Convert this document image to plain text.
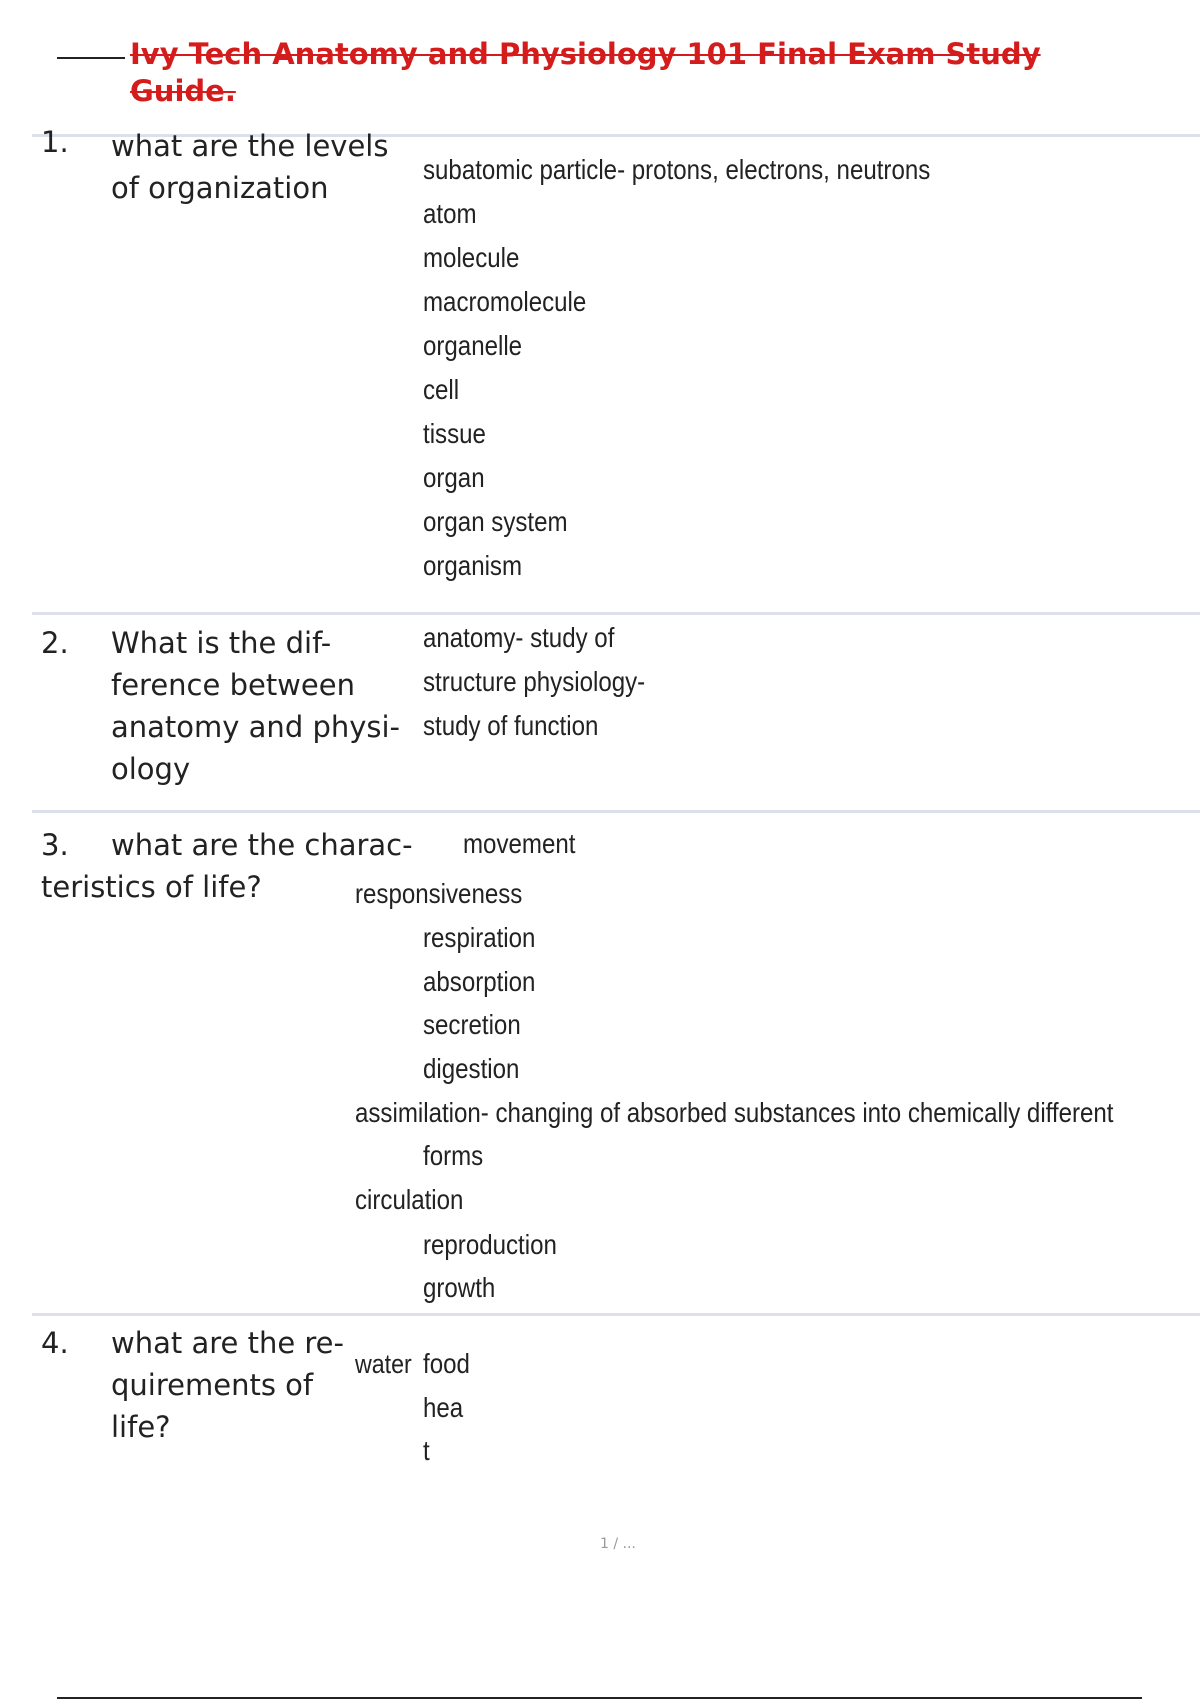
Ivy Tech Anatomy and Physiology 101 Final Exam Study Guide.
1. what are the levels of organization
subatomic particle- protons, electrons, neutrons
atom
molecule
macromolecule
organelle
cell
tissue
organ
organ system
organism
2. What is the dif- ference between anatomy and physi- ology
anatomy- study of
structure physiology-
study of function
3. what are the charac-
teristics of life?
movement
responsiveness
respiration
absorption
secretion
digestion
assimilation- changing of absorbed substances into chemically different
forms
circulation
reproduction
growth
4. what are the re- quirements of life?
water food
hea
t
1 / ...
